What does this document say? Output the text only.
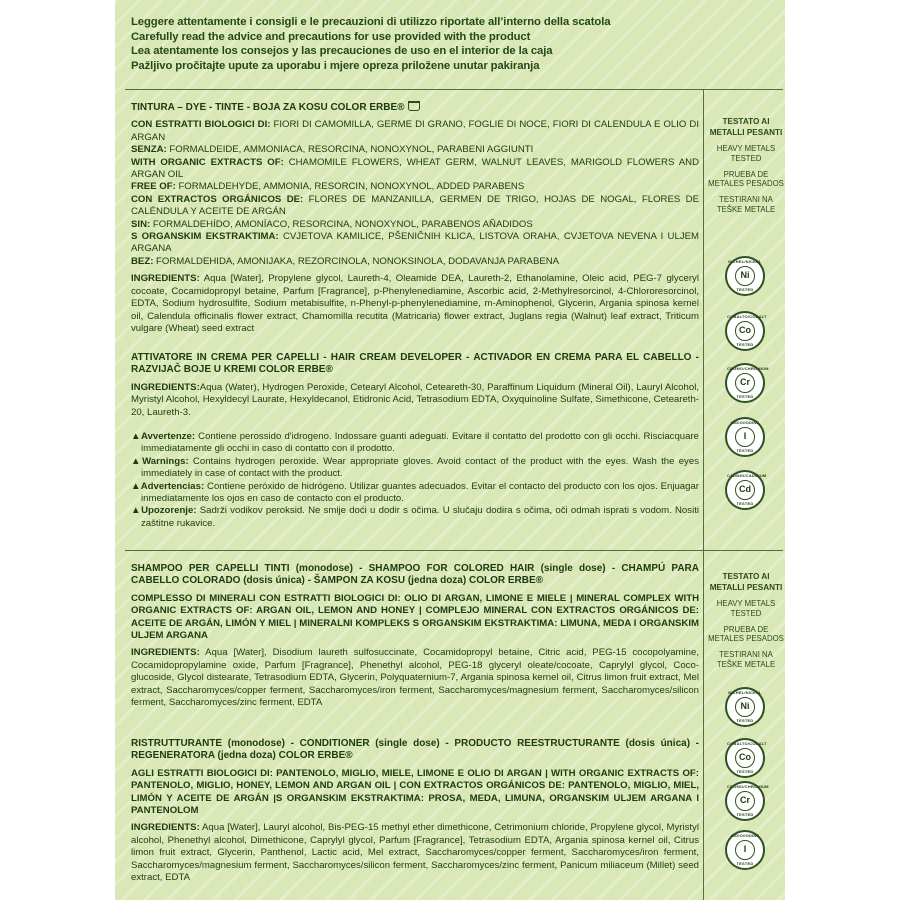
Leggere attentamente i consigli e le precauzioni di utilizzo riportate all’interno della scatola
Carefully read the advice and precautions for use provided with the product
Lea atentamente los consejos y las precauciones de uso en el interior de la caja
Pažljivo pročitajte upute za uporabu i mjere opreza priložene unutar pakiranja

TINTURA – DYE - TINTE - BOJA ZA KOSU COLOR ERBE®

CON ESTRATTI BIOLOGICI DI: FIORI DI CAMOMILLA, GERME DI GRANO, FOGLIE DI NOCE, FIORI DI CALENDULA E OLIO DI ARGAN

SENZA: FORMALDEIDE, AMMONIACA, RESORCINA, NONOXYNOL, PARABENI AGGIUNTI

WITH ORGANIC EXTRACTS OF: CHAMOMILE FLOWERS, WHEAT GERM, WALNUT LEAVES, MARIGOLD FLOWERS AND ARGAN OIL

FREE OF: FORMALDEHYDE, AMMONIA, RESORCIN, NONOXYNOL, ADDED PARABENS

CON EXTRACTOS ORGÁNICOS DE: FLORES DE MANZANILLA, GERMEN DE TRIGO, HOJAS DE NOGAL, FLORES DE CALÉNDULA Y ACEITE DE ARGÁN

SIN: FORMALDEHÍDO, AMONÍACO, RESORCINA, NONOXYNOL, PARABENOS AÑADIDOS

S ORGANSKIM EKSTRAKTIMA: CVJETOVA KAMILICE, PŠENIČNIH KLICA, LISTOVA ORAHA, CVJETOVA NEVENA I ULJEM ARGANA

BEZ: FORMALDEHIDA, AMONIJAKA, REZORCINOLA, NONOKSINOLA, DODAVANJA PARABENA

INGREDIENTS: Aqua [Water], Propylene glycol, Laureth-4, Oleamide DEA, Laureth-2, Ethanolamine, Oleic acid, PEG-7 glyceryl cocoate, Cocamidopropyl betaine, Parfum [Fragrance], p-Phenylenediamine, Ascorbic acid, 2-Methylresorcinol, 4-Chlororesorcinol, EDTA, Sodium hydrosulfite, Sodium metabisulfite, n-Phenyl-p-phenylenediamine, m-Aminophenol, Glycerin, Argania spinosa kernel oil, Calendula officinalis flower extract, Chamomilla recutita (Matricaria) flower extract, Juglans regia (Walnut) leaf extract, Triticum vulgare (Wheat) seed extract

ATTIVATORE IN CREMA PER CAPELLI - HAIR CREAM DEVELOPER - ACTIVADOR EN CREMA PARA EL CABELLO - RAZVIJAČ BOJE U KREMI COLOR ERBE®

INGREDIENTS:Aqua (Water), Hydrogen Peroxide, Cetearyl Alcohol, Ceteareth-30, Paraffinum Liquidum (Mineral Oil), Lauryl Alcohol, Myristyl Alcohol, Hexyldecyl Laurate, Hexyldecanol, Etidronic Acid, Tetrasodium EDTA, Oxyquinoline Sulfate, Simethicone, Ceteareth-20, Laureth-3.

▲Avvertenze: Contiene perossido d'idrogeno. Indossare guanti adeguati. Evitare il contatto del prodotto con gli occhi. Risciacquare immediatamente gli occhi in caso di contatto con il prodotto.

▲Warnings: Contains hydrogen peroxide. Wear appropriate gloves. Avoid contact of the product with the eyes. Wash the eyes immediately in case of contact with the product.

▲Advertencias: Contiene peróxido de hidrógeno. Utilizar guantes adecuados. Evitar el contacto del producto con los ojos. Enjuagar inmediatamente los ojos en caso de contacto con el producto.

▲Upozorenje: Sadrži vodikov peroksid. Ne smije doći u dodir s očima. U slučaju dodira s očima, oči odmah isprati s vodom. Nositi zaštitne rukavice.

SHAMPOO PER CAPELLI TINTI (monodose) - SHAMPOO FOR COLORED HAIR (single dose) - CHAMPÚ PARA CABELLO COLORADO (dosis única) - ŠAMPON ZA KOSU (jedna doza) COLOR ERBE®

COMPLESSO DI MINERALI CON ESTRATTI BIOLOGICI DI: OLIO DI ARGAN, LIMONE E MIELE | MINERAL COMPLEX WITH ORGANIC EXTRACTS OF: ARGAN OIL, LEMON AND HONEY | COMPLEJO MINERAL CON EXTRACTOS ORGÁNICOS DE: ACEITE DE ARGÁN, LIMÓN Y MIEL | MINERALNI KOMPLEKS S ORGANSKIM EKSTRAKTIMA: LIMUNA, MEDA I ORGANSKIM ULJEM ARGANA

INGREDIENTS: Aqua [Water], Disodium laureth sulfosuccinate, Cocamidopropyl betaine, Citric acid, PEG-15 cocopolyamine, Cocamidopropylamine oxide, Parfum [Fragrance], Phenethyl alcohol, PEG-18 glyceryl oleate/cocoate, Caprylyl glycol, Coco-glucoside, Glycol distearate, Tetrasodium EDTA, Glycerin, Polyquaternium-7, Argania spinosa kernel oil, Citrus limon fruit extract, Mel extract, Saccharomyces/copper ferment, Saccharomyces/iron ferment, Saccharomyces/magnesium ferment, Saccharomyces/silicon ferment, Saccharomyces/zinc ferment, EDTA

RISTRUTTURANTE (monodose) - CONDITIONER (single dose) - PRODUCTO REESTRUCTURANTE (dosis única) - REGENERATORA (jedna doza) COLOR ERBE®

AGLI ESTRATTI BIOLOGICI DI: PANTENOLO, MIGLIO, MIELE, LIMONE E OLIO DI ARGAN | WITH ORGANIC EXTRACTS OF: PANTENOLO, MIGLIO, HONEY, LEMON AND ARGAN OIL | CON EXTRACTOS ORGÁNICOS DE: PANTENOLO, MIGLIO, MIEL, LIMÓN Y ACEITE DE ARGÁN |S ORGANSKIM EKSTRAKTIMA: PROSA, MEDA, LIMUNA, ORGANSKIM ULJEM ARGANA I PANTENOLOM

INGREDIENTS: Aqua [Water], Lauryl alcohol, Bis-PEG-15 methyl ether dimethicone, Cetrimonium chloride, Propylene glycol, Myristyl alcohol, Phenethyl alcohol, Dimethicone, Caprylyl glycol, Parfum [Fragrance], Tetrasodium EDTA, Argania spinosa kernel oil, Citrus limon fruit extract, Glycerin, Panthenol, Lactic acid, Mel extract, Saccharomyces/copper ferment, Saccharomyces/iron ferment, Saccharomyces/magnesium ferment, Saccharomyces/silicon ferment, Saccharomyces/zinc ferment, Panicum miliaceum (Millet) seed extract, EDTA

TESTATO AI METALLI PESANTI
HEAVY METALS TESTED
PRUEBA DE METALES PESADOS
TESTIRANI NA TEŠKE METALE
NICHEL/NICKEL
Ni
TESTED
COBALTO/COBALT
Co
TESTED
CROMO/CHROMIUM
Cr
TESTED
IODIO/IODINE
I
TESTED
CADMIO/CADMIUM
Cd
TESTED
TESTATO AI METALLI PESANTI
HEAVY METALS TESTED
PRUEBA DE METALES PESADOS
TESTIRANI NA TEŠKE METALE
NICHEL/NICKEL
Ni
TESTED
COBALTO/COBALT
Co
TESTED
CROMO/CHROMIUM
Cr
TESTED
IODIO/IODINE
I
TESTED
